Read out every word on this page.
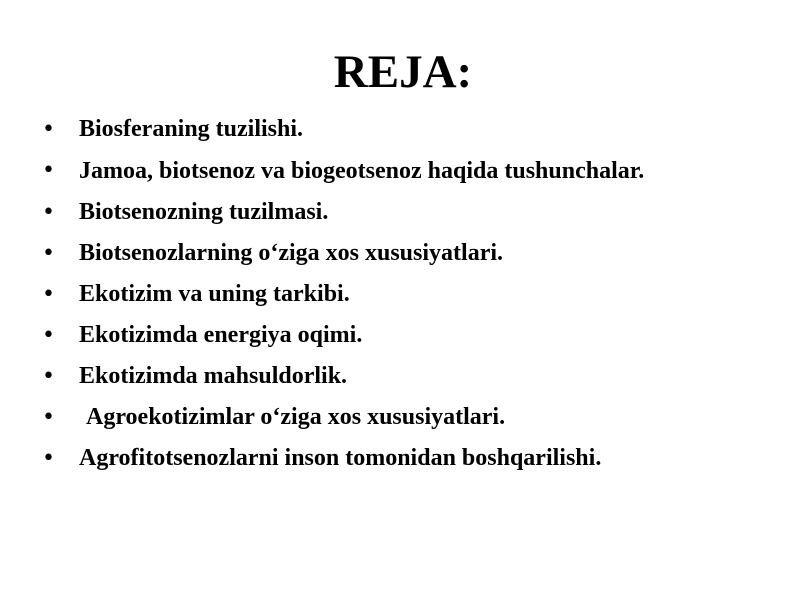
REJA:
• Biosferaning tuzilishi.
• Jamoa, biotsenoz va biogeotsenoz haqida tushunchalar.
• Biotsenozning tuzilmasi.
• Biotsenozlarning o‘ziga xos xususiyatlari.
• Ekotizim va uning tarkibi.
• Ekotizimda energiya oqimi.
• Ekotizimda mahsuldorlik.
• Agroekotizimlar o‘ziga xos xususiyatlari.
• Agrofitotsenozlarni inson tomonidan boshqarilishi.
